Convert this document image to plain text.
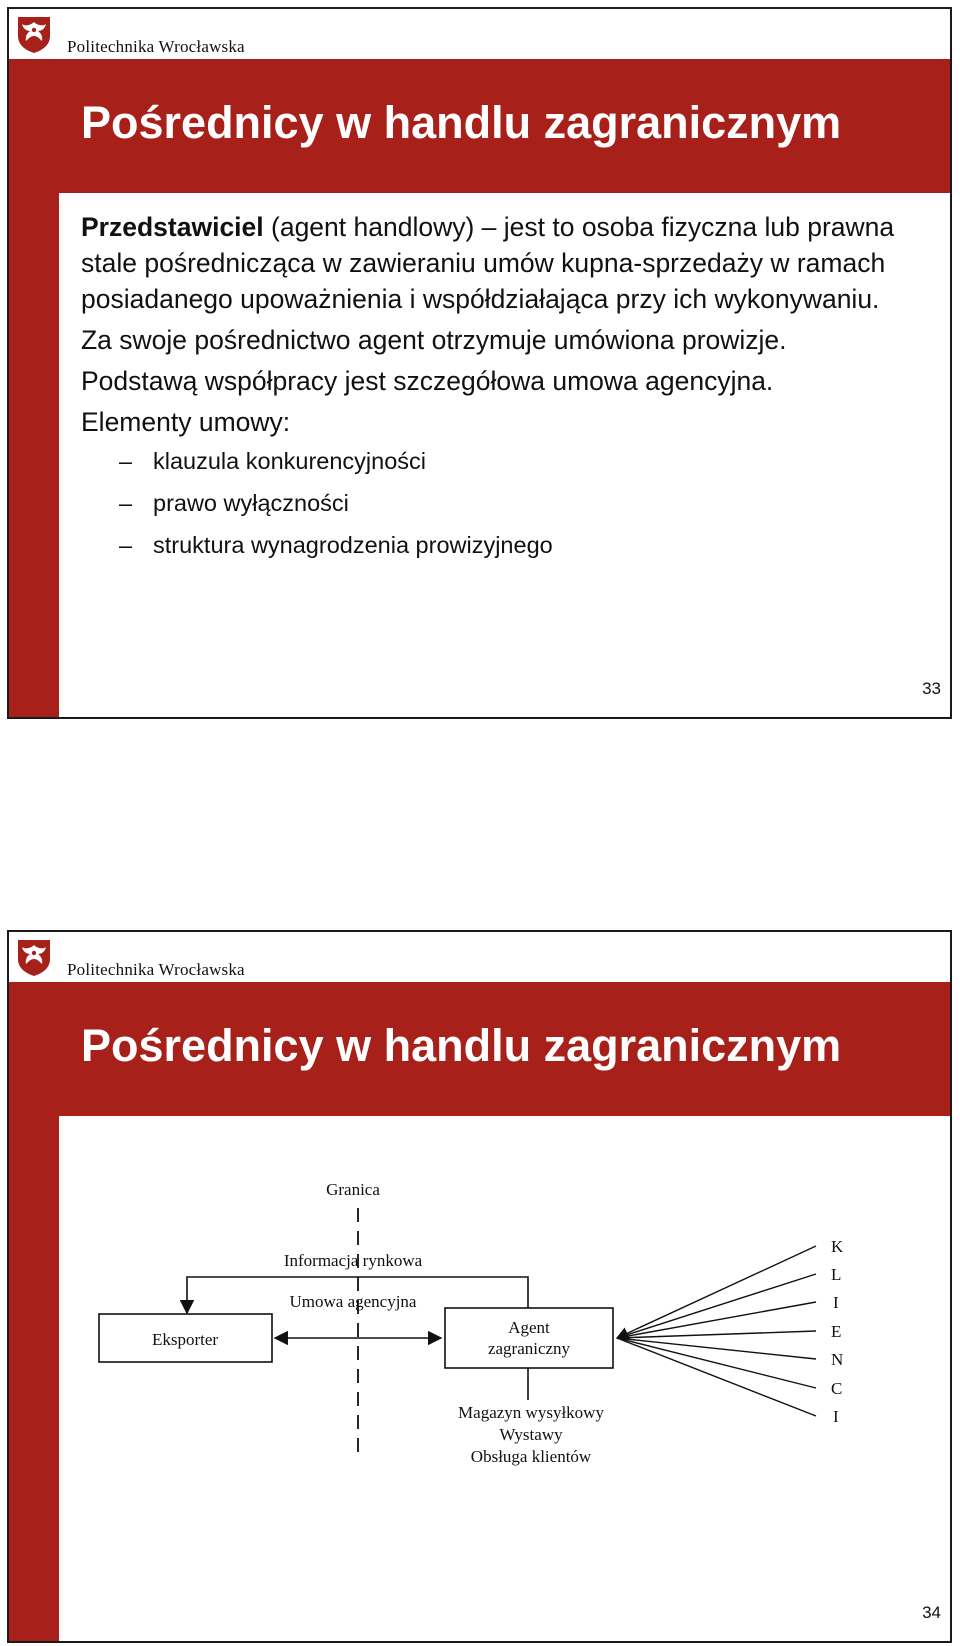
Politechnika Wrocławska
Pośrednicy w handlu zagranicznym

Przedstawiciel (agent handlowy) – jest to osoba fizyczna lub prawna stale pośrednicząca w zawieraniu umów kupna-sprzedaży w ramach posiadanego upoważnienia i współdziałająca przy ich wykonywaniu.

Za swoje pośrednictwo agent otrzymuje umówiona prowizje.

Podstawą współpracy jest szczegółowa umowa agencyjna.

Elementy umowy:

– klauzula konkurencyjności
– prawo wyłączności
– struktura wynagrodzenia prowizyjnego
33
Politechnika Wrocławska
Pośrednicy w handlu zagranicznym
Granica
Informacja rynkowa
Umowa agencyjna
Eksporter
Agent
zagraniczny
Magazyn wysyłkowy
Wystawy
Obsługa klientów
K
L
I
E
N
C
I
34
